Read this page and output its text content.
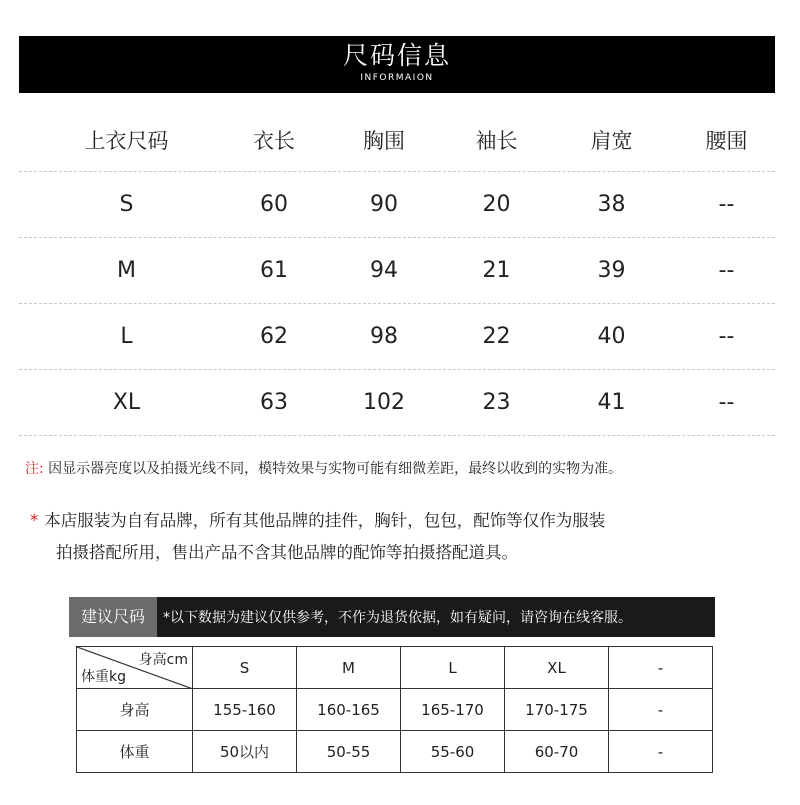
尺码信息
INFORMAION
上衣尺码	衣长	胸围	袖长	肩宽	腰围
S	60	90	20	38	--
M	61	94	21	39	--
L	62	98	22	40	--
XL	63	102	23	41	--
注: 因显示器亮度以及拍摄光线不同，模特效果与实物可能有细微差距，最终以收到的实物为准。
* 本店服装为自有品牌，所有其他品牌的挂件，胸针，包包，配饰等仅作为服装
拍摄搭配所用，售出产品不含其他品牌的配饰等拍摄搭配道具。
建议尺码	*以下数据为建议仅供参考，不作为退货依据，如有疑问，请咨询在线客服。
身高cm
体重kg	S	M	L	XL	-
身高	155-160	160-165	165-170	170-175	-
体重	50以内	50-55	55-60	60-70	-
